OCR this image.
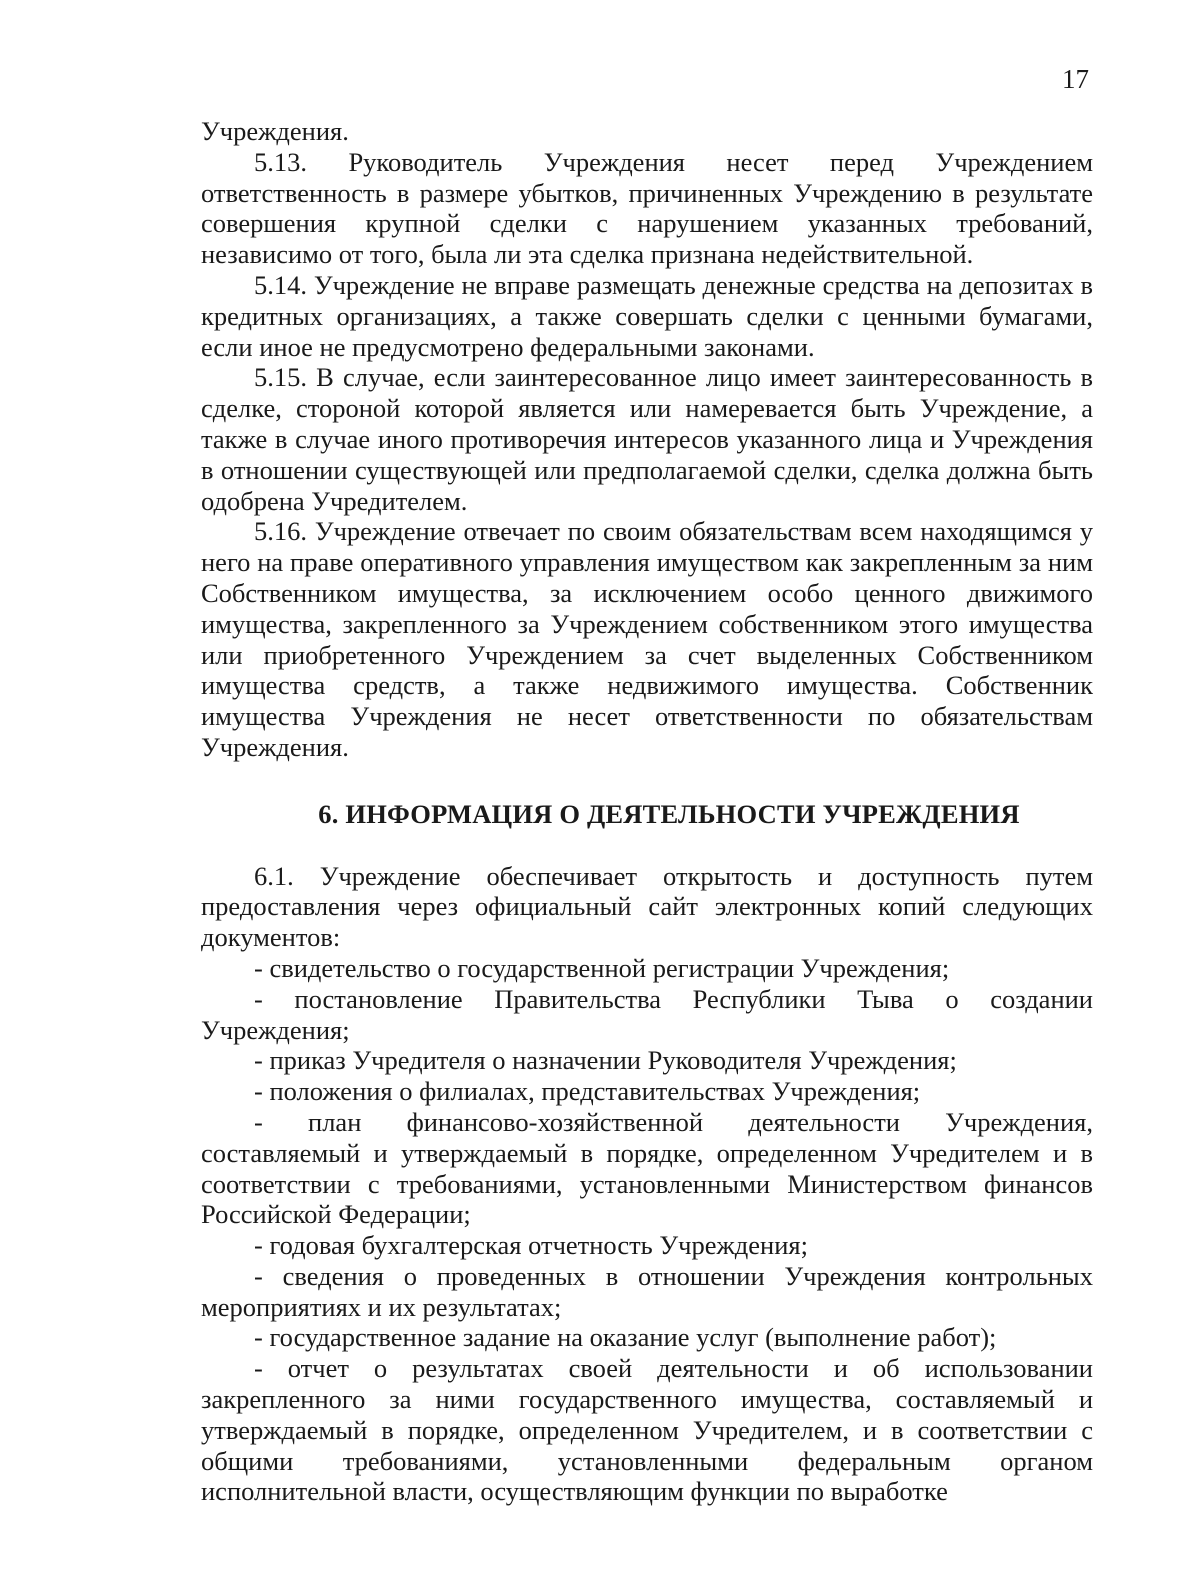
17

Учреждения.

5.13. Руководитель Учреждения несет перед Учреждением ответственность в размере убытков, причиненных Учреждению в результате совершения крупной сделки с нарушением указанных требований, независимо от того, была ли эта сделка признана недействительной.

5.14. Учреждение не вправе размещать денежные средства на депозитах в кредитных организациях, а также совершать сделки с ценными бумагами, если иное не предусмотрено федеральными законами.

5.15. В случае, если заинтересованное лицо имеет заинтересованность в сделке, стороной которой является или намеревается быть Учреждение, а также в случае иного противоречия интересов указанного лица и Учреждения в отношении существующей или предполагаемой сделки, сделка должна быть одобрена Учредителем.

5.16. Учреждение отвечает по своим обязательствам всем находящимся у него на праве оперативного управления имуществом как закрепленным за ним Собственником имущества, за исключением особо ценного движимого имущества, закрепленного за Учреждением собственником этого имущества или приобретенного Учреждением за счет выделенных Собственником имущества средств, а также недвижимого имущества. Собственник имущества Учреждения не несет ответственности по обязательствам Учреждения.

6. ИНФОРМАЦИЯ О ДЕЯТЕЛЬНОСТИ УЧРЕЖДЕНИЯ

6.1. Учреждение обеспечивает открытость и доступность путем предоставления через официальный сайт электронных копий следующих документов:

- свидетельство о государственной регистрации Учреждения;

- постановление Правительства Республики Тыва о создании Учреждения;

- приказ Учредителя о назначении Руководителя Учреждения;

- положения о филиалах, представительствах Учреждения;

- план финансово-хозяйственной деятельности Учреждения, составляемый и утверждаемый в порядке, определенном Учредителем и в соответствии с требованиями, установленными Министерством финансов Российской Федерации;

- годовая бухгалтерская отчетность Учреждения;

- сведения о проведенных в отношении Учреждения контрольных мероприятиях и их результатах;

- государственное задание на оказание услуг (выполнение работ);

- отчет о результатах своей деятельности и об использовании закрепленного за ними государственного имущества, составляемый и утверждаемый в порядке, определенном Учредителем, и в соответствии с общими требованиями, установленными федеральным органом исполнительной власти, осуществляющим функции по выработке
